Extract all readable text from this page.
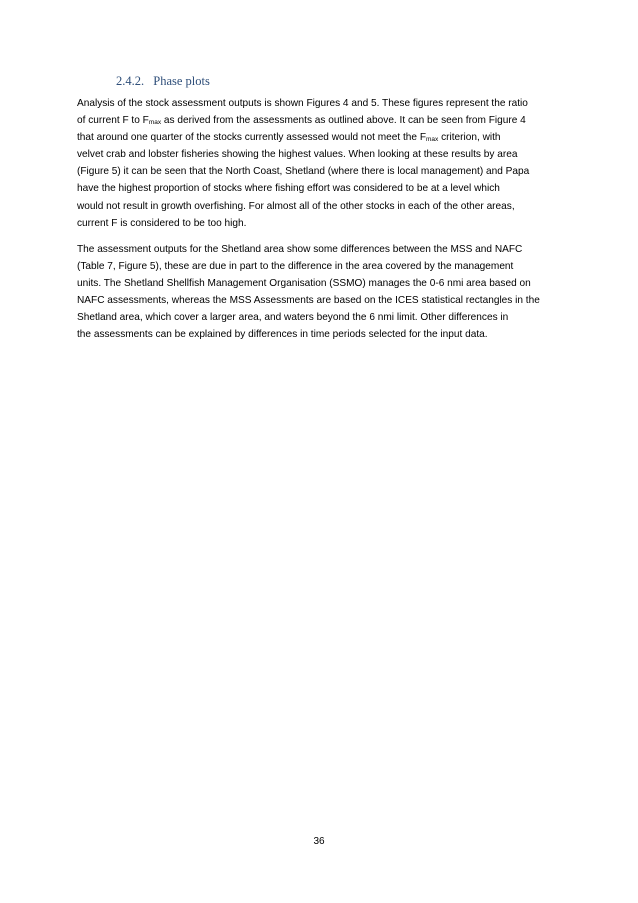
2.4.2. Phase plots

Analysis of the stock assessment outputs is shown Figures 4 and 5. These figures represent the ratio
of current F to $F_{max}$ as derived from the assessments as outlined above. It can be seen from Figure 4
that around one quarter of the stocks currently assessed would not meet the $F_{max}$ criterion, with
velvet crab and lobster fisheries showing the highest values. When looking at these results by area
(Figure 5) it can be seen that the North Coast, Shetland (where there is local management) and Papa
have the highest proportion of stocks where fishing effort was considered to be at a level which
would not result in growth overfishing. For almost all of the other stocks in each of the other areas,
current F is considered to be too high.

The assessment outputs for the Shetland area show some differences between the MSS and NAFC
(Table 7, Figure 5), these are due in part to the difference in the area covered by the management
units. The Shetland Shellfish Management Organisation (SSMO) manages the 0-6 nmi area based on
NAFC assessments, whereas the MSS Assessments are based on the ICES statistical rectangles in the
Shetland area, which cover a larger area, and waters beyond the 6 nmi limit. Other differences in
the assessments can be explained by differences in time periods selected for the input data.

36
